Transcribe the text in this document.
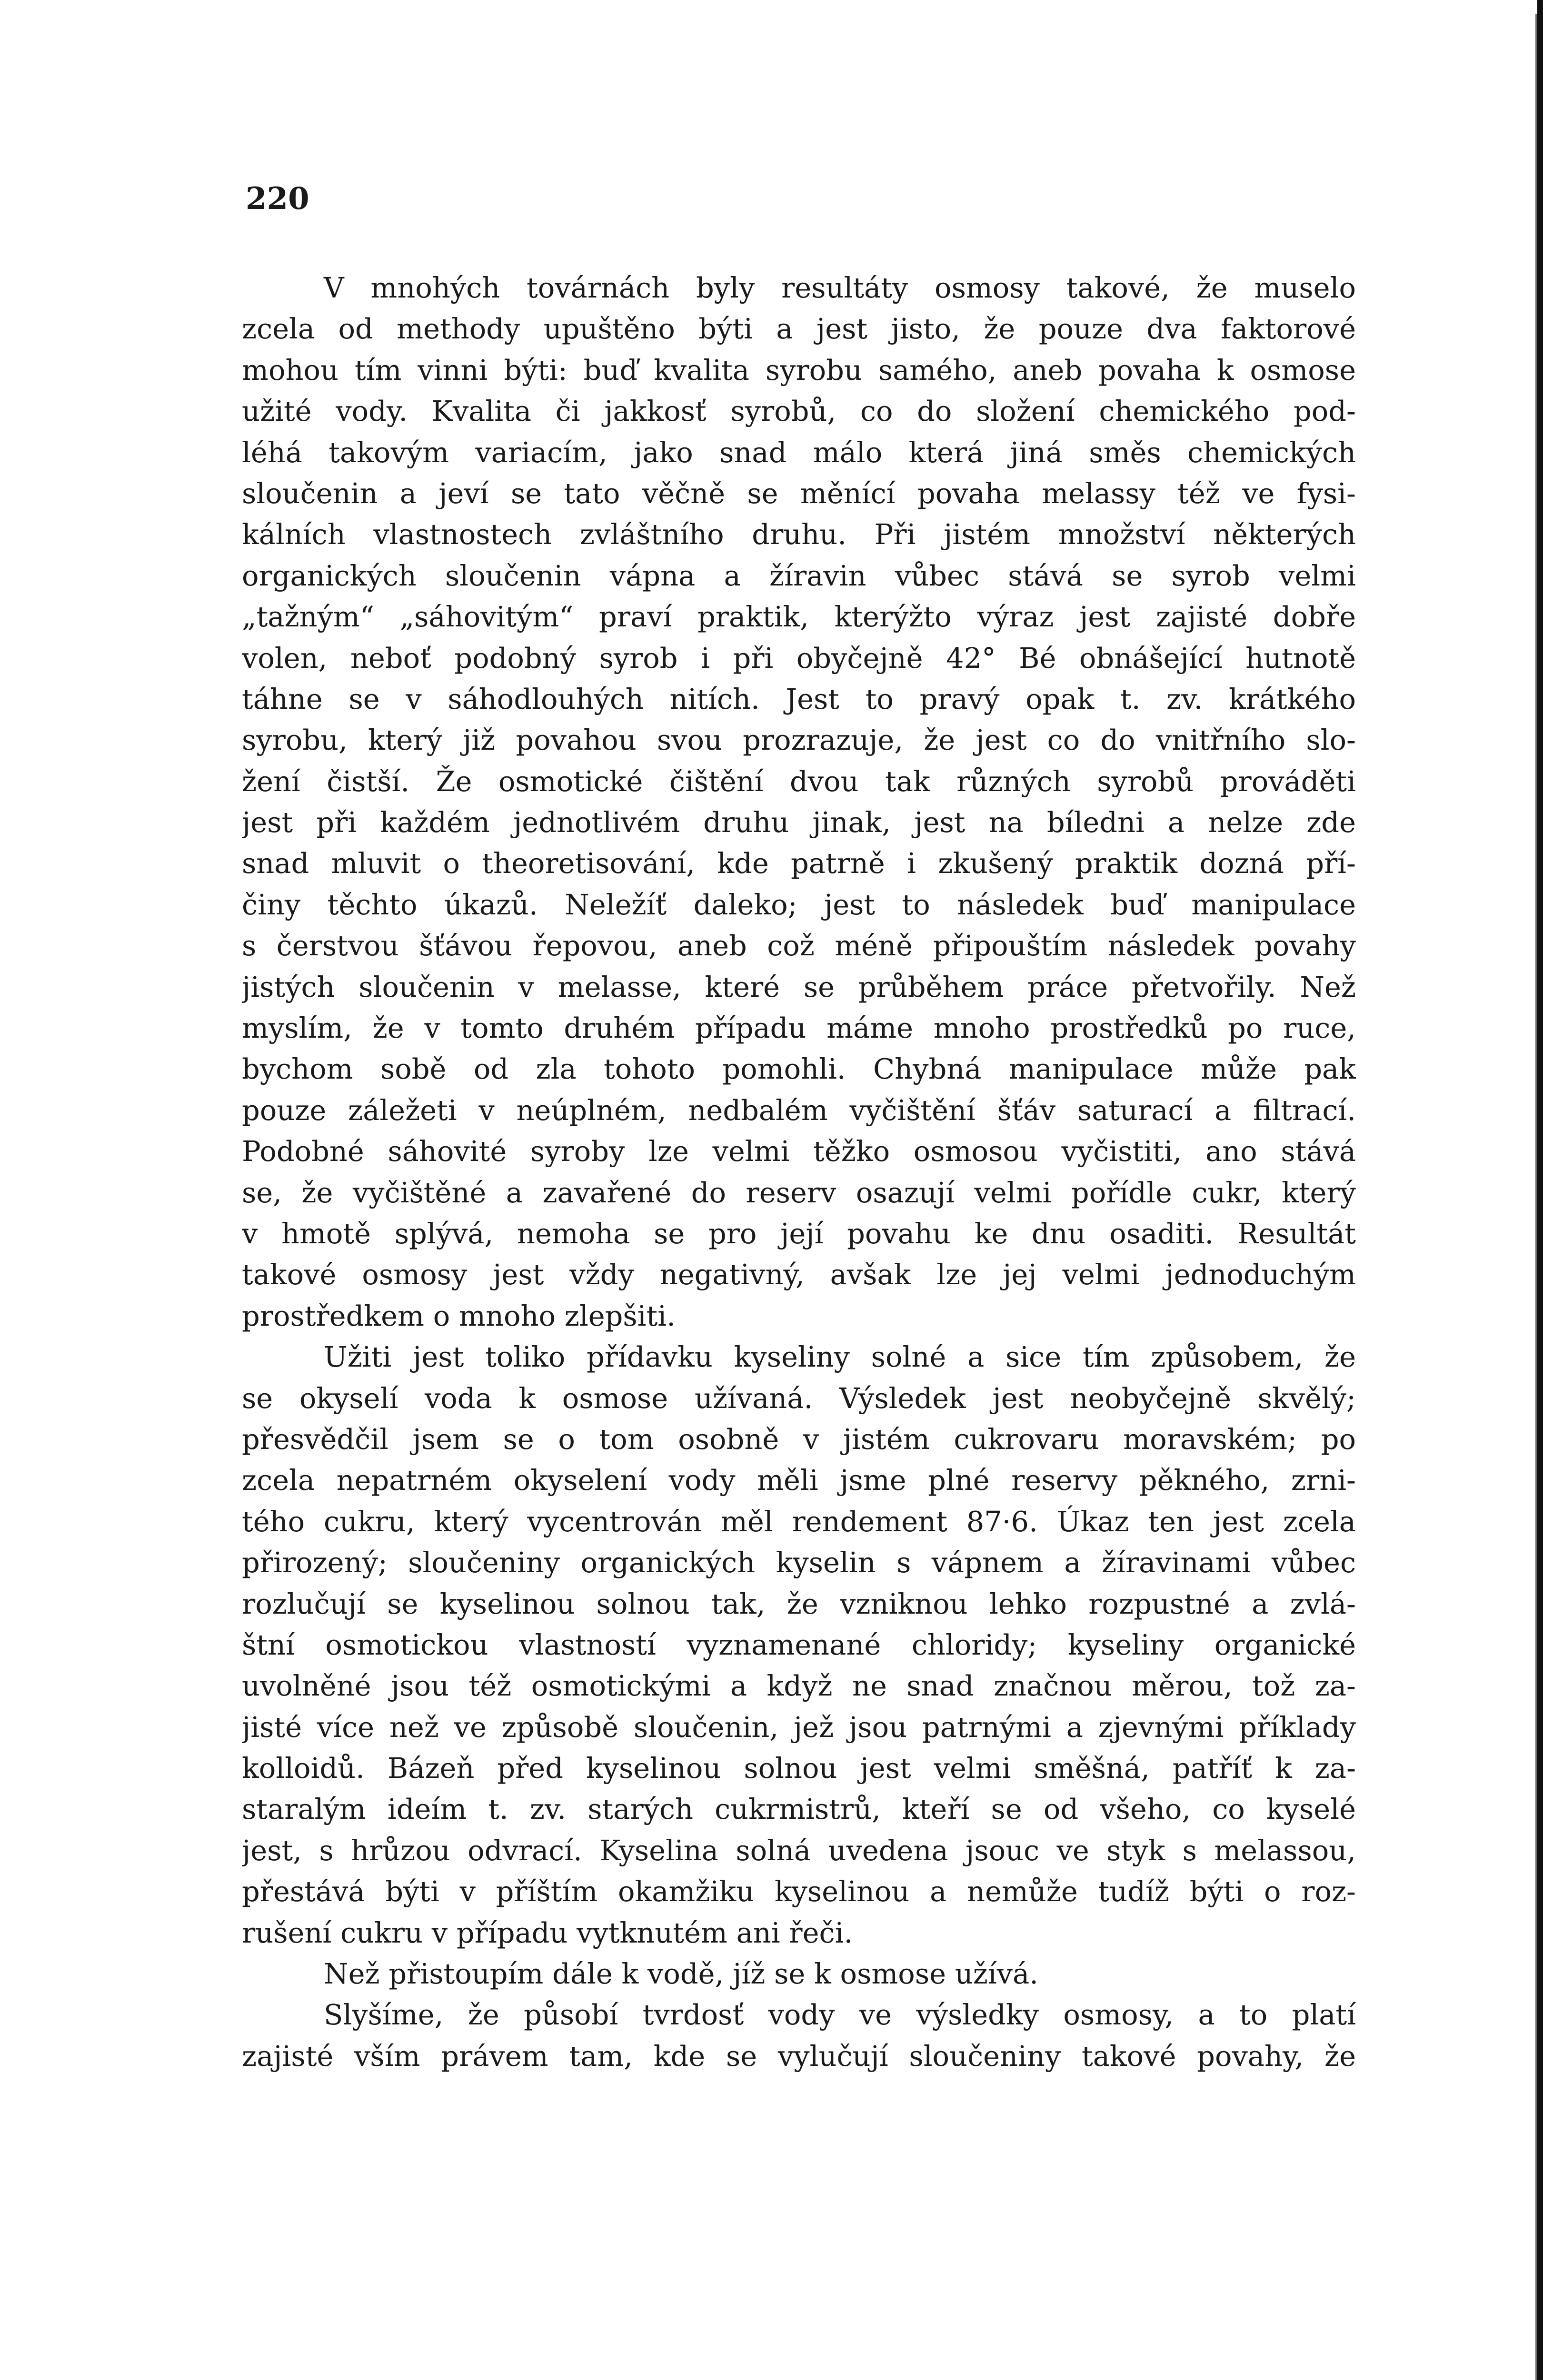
220
V mnohých továrnách byly resultáty osmosy takové, že muselo
zcela od methody upuštěno býti a jest jisto, že pouze dva faktorové
mohou tím vinni býti: buď kvalita syrobu samého, aneb povaha k osmose
užité vody. Kvalita či jakkosť syrobů, co do složení chemického pod-
léhá takovým variacím, jako snad málo která jiná směs chemických
sloučenin a jeví se tato věčně se měnící povaha melassy též ve fysi-
kálních vlastnostech zvláštního druhu. Při jistém množství některých
organických sloučenin vápna a žíravin vůbec stává se syrob velmi
„tažným“ „sáhovitým“ praví praktik, kterýžto výraz jest zajisté dobře
volen, neboť podobný syrob i při obyčejně 42° Bé obnášející hutnotě
táhne se v sáhodlouhých nitích. Jest to pravý opak t. zv. krátkého
syrobu, který již povahou svou prozrazuje, že jest co do vnitřního slo-
žení čistší. Že osmotické čištění dvou tak různých syrobů prováděti
jest při každém jednotlivém druhu jinak, jest na bíledni a nelze zde
snad mluvit o theoretisování, kde patrně i zkušený praktik dozná pří-
činy těchto úkazů. Neležíť daleko; jest to následek buď manipulace
s čerstvou šťávou řepovou, aneb což méně připouštím následek povahy
jistých sloučenin v melasse, které se průběhem práce přetvořily. Než
myslím, že v tomto druhém případu máme mnoho prostředků po ruce,
bychom sobě od zla tohoto pomohli. Chybná manipulace může pak
pouze záležeti v neúplném, nedbalém vyčištění šťáv saturací a filtrací.
Podobné sáhovité syroby lze velmi těžko osmosou vyčistiti, ano stává
se, že vyčištěné a zavařené do reserv osazují velmi pořídle cukr, který
v hmotě splývá, nemoha se pro její povahu ke dnu osaditi. Resultát
takové osmosy jest vždy negativný, avšak lze jej velmi jednoduchým
prostředkem o mnoho zlepšiti.
Užiti jest toliko přídavku kyseliny solné a sice tím způsobem, že
se okyselí voda k osmose užívaná. Výsledek jest neobyčejně skvělý;
přesvědčil jsem se o tom osobně v jistém cukrovaru moravském; po
zcela nepatrném okyselení vody měli jsme plné reservy pěkného, zrni-
tého cukru, který vycentrován měl rendement 87·6. Úkaz ten jest zcela
přirozený; sloučeniny organických kyselin s vápnem a žíravinami vůbec
rozlučují se kyselinou solnou tak, že vzniknou lehko rozpustné a zvlá-
štní osmotickou vlastností vyznamenané chloridy; kyseliny organické
uvolněné jsou též osmotickými a když ne snad značnou měrou, tož za-
jisté více než ve způsobě sloučenin, jež jsou patrnými a zjevnými příklady
kolloidů. Bázeň před kyselinou solnou jest velmi směšná, patříť k za-
staralým ideím t. zv. starých cukrmistrů, kteří se od všeho, co kyselé
jest, s hrůzou odvrací. Kyselina solná uvedena jsouc ve styk s melassou,
přestává býti v příštím okamžiku kyselinou a nemůže tudíž býti o roz-
rušení cukru v případu vytknutém ani řeči.
Než přistoupím dále k vodě, jíž se k osmose užívá.
Slyšíme, že působí tvrdosť vody ve výsledky osmosy, a to platí
zajisté vším právem tam, kde se vylučují sloučeniny takové povahy, že
